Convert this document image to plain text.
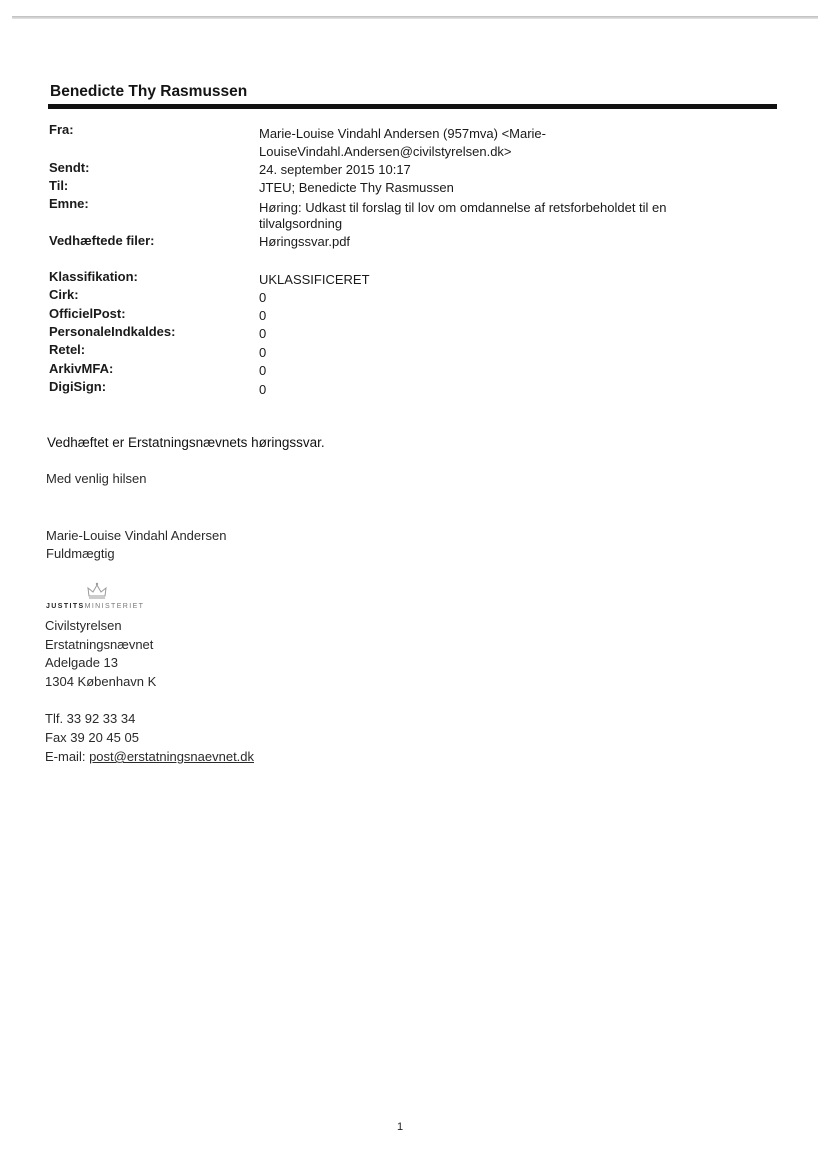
Benedicte Thy Rasmussen
Fra:	Marie-Louise Vindahl Andersen (957mva) <Marie-
LouiseVindahl.Andersen@civilstyrelsen.dk>
Sendt:	24. september 2015 10:17
Til:	JTEU; Benedicte Thy Rasmussen
Emne:	Høring: Udkast til forslag til lov om omdannelse af retsforbeholdet til en
tilvalgsordning
Vedhæftede filer:	Høringssvar.pdf
Klassifikation:	UKLASSIFICERET
Cirk:	0
OfficielPost:	0
PersonaleIndkaldes:	0
Retel:	0
ArkivMFA:	0
DigiSign:	0
Vedhæftet er Erstatningsnævnets høringssvar.
Med venlig hilsen
Marie-Louise Vindahl Andersen
Fuldmægtig
JUSTITSMINISTERIET
Civilstyrelsen
Erstatningsnævnet
Adelgade 13
1304 København K
Tlf. 33 92 33 34
Fax 39 20 45 05
E-mail: post@erstatningsnaevnet.dk
1
